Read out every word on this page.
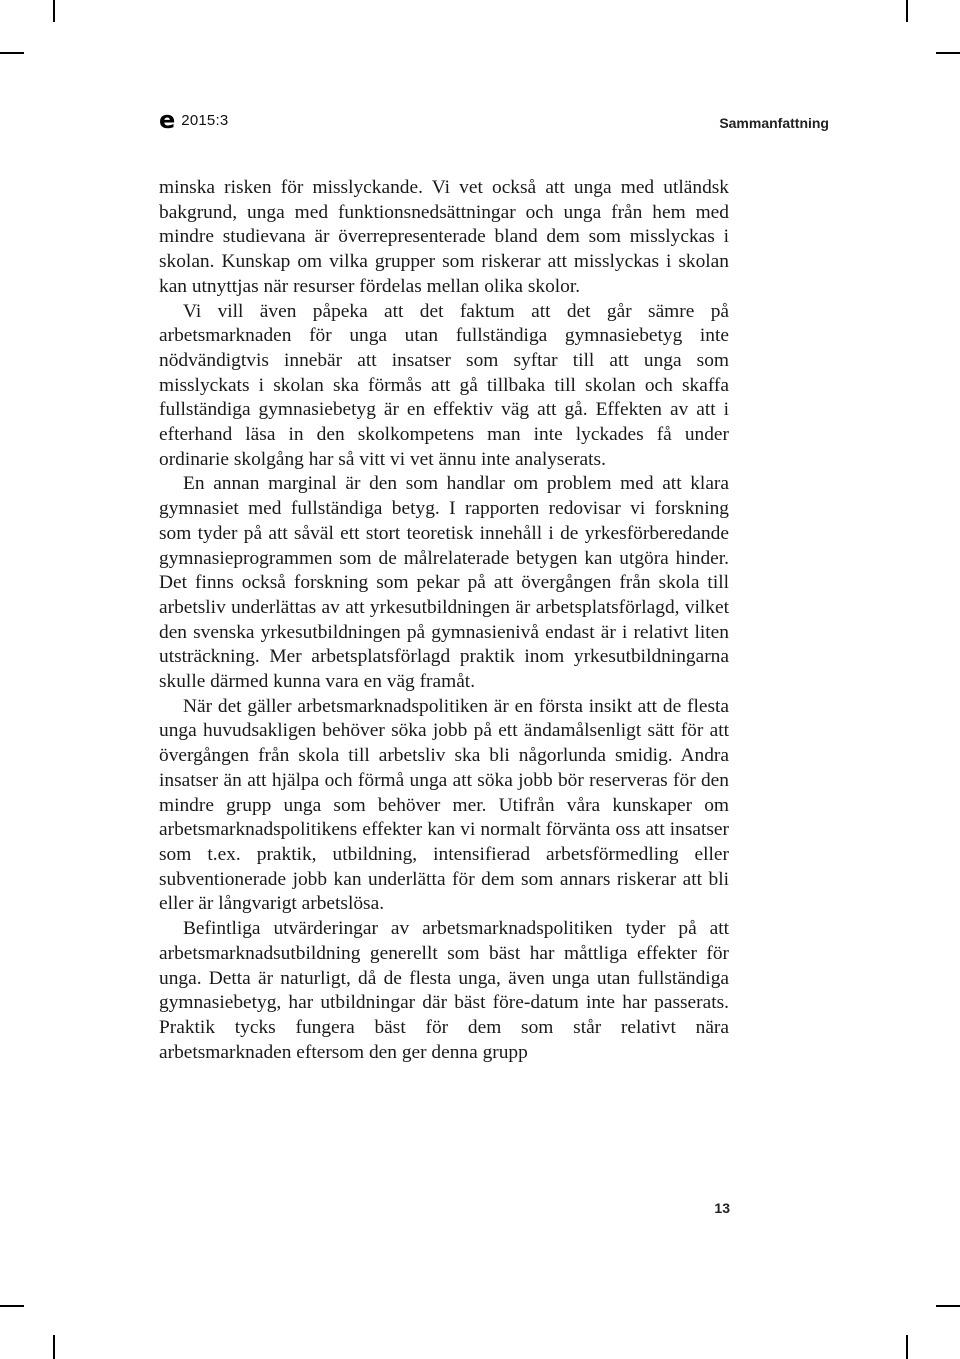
e 2015:3	Sammanfattning

minska risken för misslyckande. Vi vet också att unga med utländsk bakgrund, unga med funktionsnedsättningar och unga från hem med mindre studievana är överrepresenterade bland dem som misslyckas i skolan. Kunskap om vilka grupper som riskerar att misslyckas i skolan kan utnyttjas när resurser fördelas mellan olika skolor.

Vi vill även påpeka att det faktum att det går sämre på arbetsmarknaden för unga utan fullständiga gymnasiebetyg inte nödvändigtvis innebär att insatser som syftar till att unga som misslyckats i skolan ska förmås att gå tillbaka till skolan och skaffa fullständiga gymnasiebetyg är en effektiv väg att gå. Effekten av att i efterhand läsa in den skolkompetens man inte lyckades få under ordinarie skolgång har så vitt vi vet ännu inte analyserats.

En annan marginal är den som handlar om problem med att klara gymnasiet med fullständiga betyg. I rapporten redovisar vi forskning som tyder på att såväl ett stort teoretisk innehåll i de yrkesförberedande gymnasieprogrammen som de målrelaterade betygen kan utgöra hinder. Det finns också forskning som pekar på att övergången från skola till arbetsliv underlättas av att yrkesutbildningen är arbetsplatsförlagd, vilket den svenska yrkesutbildningen på gymnasienivå endast är i relativt liten utsträckning. Mer arbetsplatsförlagd praktik inom yrkesutbildningarna skulle därmed kunna vara en väg framåt.

När det gäller arbetsmarknadspolitiken är en första insikt att de flesta unga huvudsakligen behöver söka jobb på ett ändamålsenligt sätt för att övergången från skola till arbetsliv ska bli någorlunda smidig. Andra insatser än att hjälpa och förmå unga att söka jobb bör reserveras för den mindre grupp unga som behöver mer. Utifrån våra kunskaper om arbetsmarknadspolitikens effekter kan vi normalt förvänta oss att insatser som t.ex. praktik, utbildning, intensifierad arbetsförmedling eller subventionerade jobb kan underlätta för dem som annars riskerar att bli eller är långvarigt arbetslösa.

Befintliga utvärderingar av arbetsmarknadspolitiken tyder på att arbetsmarknadsutbildning generellt som bäst har måttliga effekter för unga. Detta är naturligt, då de flesta unga, även unga utan fullständiga gymnasiebetyg, har utbildningar där bäst före-datum inte har passerats. Praktik tycks fungera bäst för dem som står relativt nära arbetsmarknaden eftersom den ger denna grupp

13
